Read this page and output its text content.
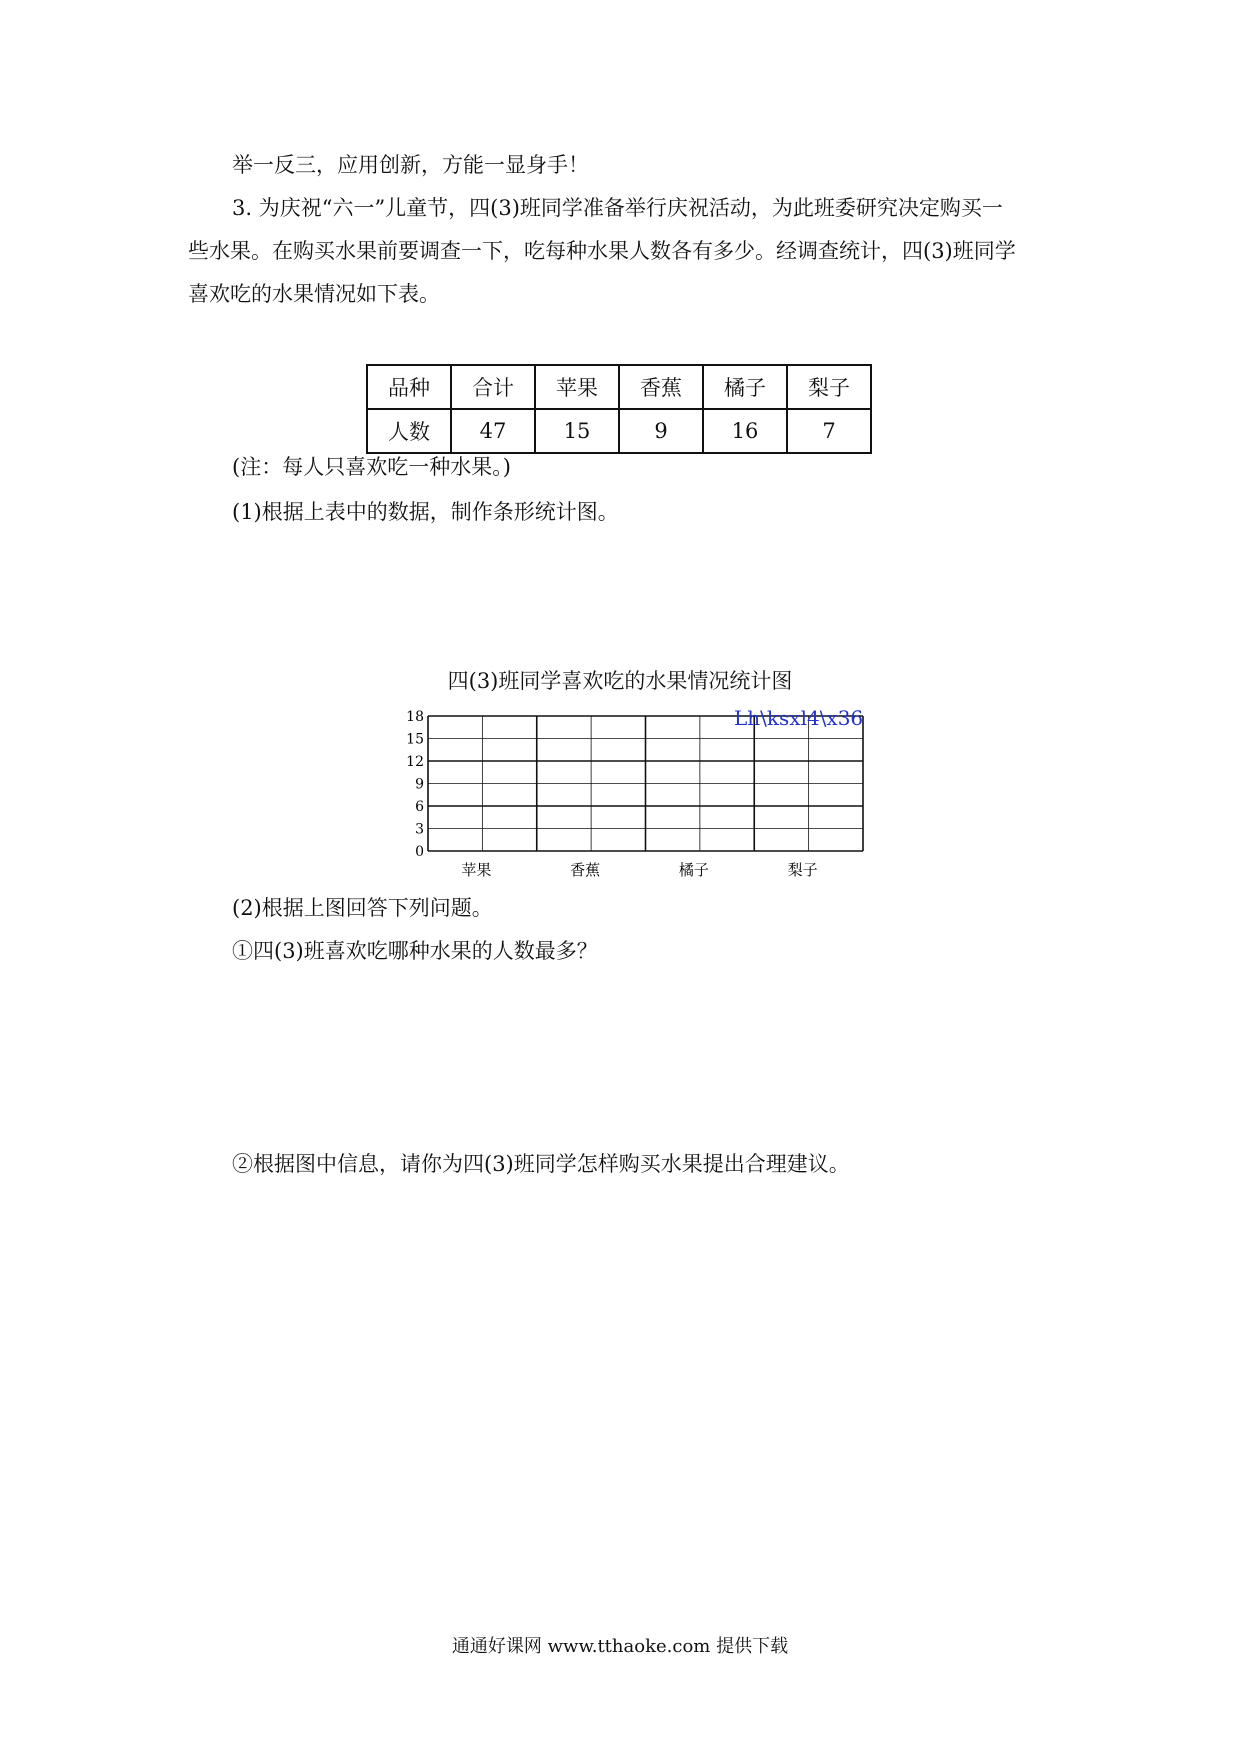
举一反三，应用创新，方能一显身手！
3. 为庆祝“六一”儿童节，四(3)班同学准备举行庆祝活动，为此班委研究决定购买一
些水果。在购买水果前要调查一下，吃每种水果人数各有多少。经调查统计，四(3)班同学
喜欢吃的水果情况如下表。
品种	合计	苹果	香蕉	橘子	梨子
人数	47	15	9	16	7
(注：每人只喜欢吃一种水果。)
(1)根据上表中的数据，制作条形统计图。
四(3)班同学喜欢吃的水果情况统计图
18
15
12
9
6
3
0
苹果	香蕉	橘子	梨子
Lh\ksxl4\x36
(2)根据上图回答下列问题。
①四(3)班喜欢吃哪种水果的人数最多？
②根据图中信息，请你为四(3)班同学怎样购买水果提出合理建议。
通通好课网 www.tthaoke.com 提供下载
